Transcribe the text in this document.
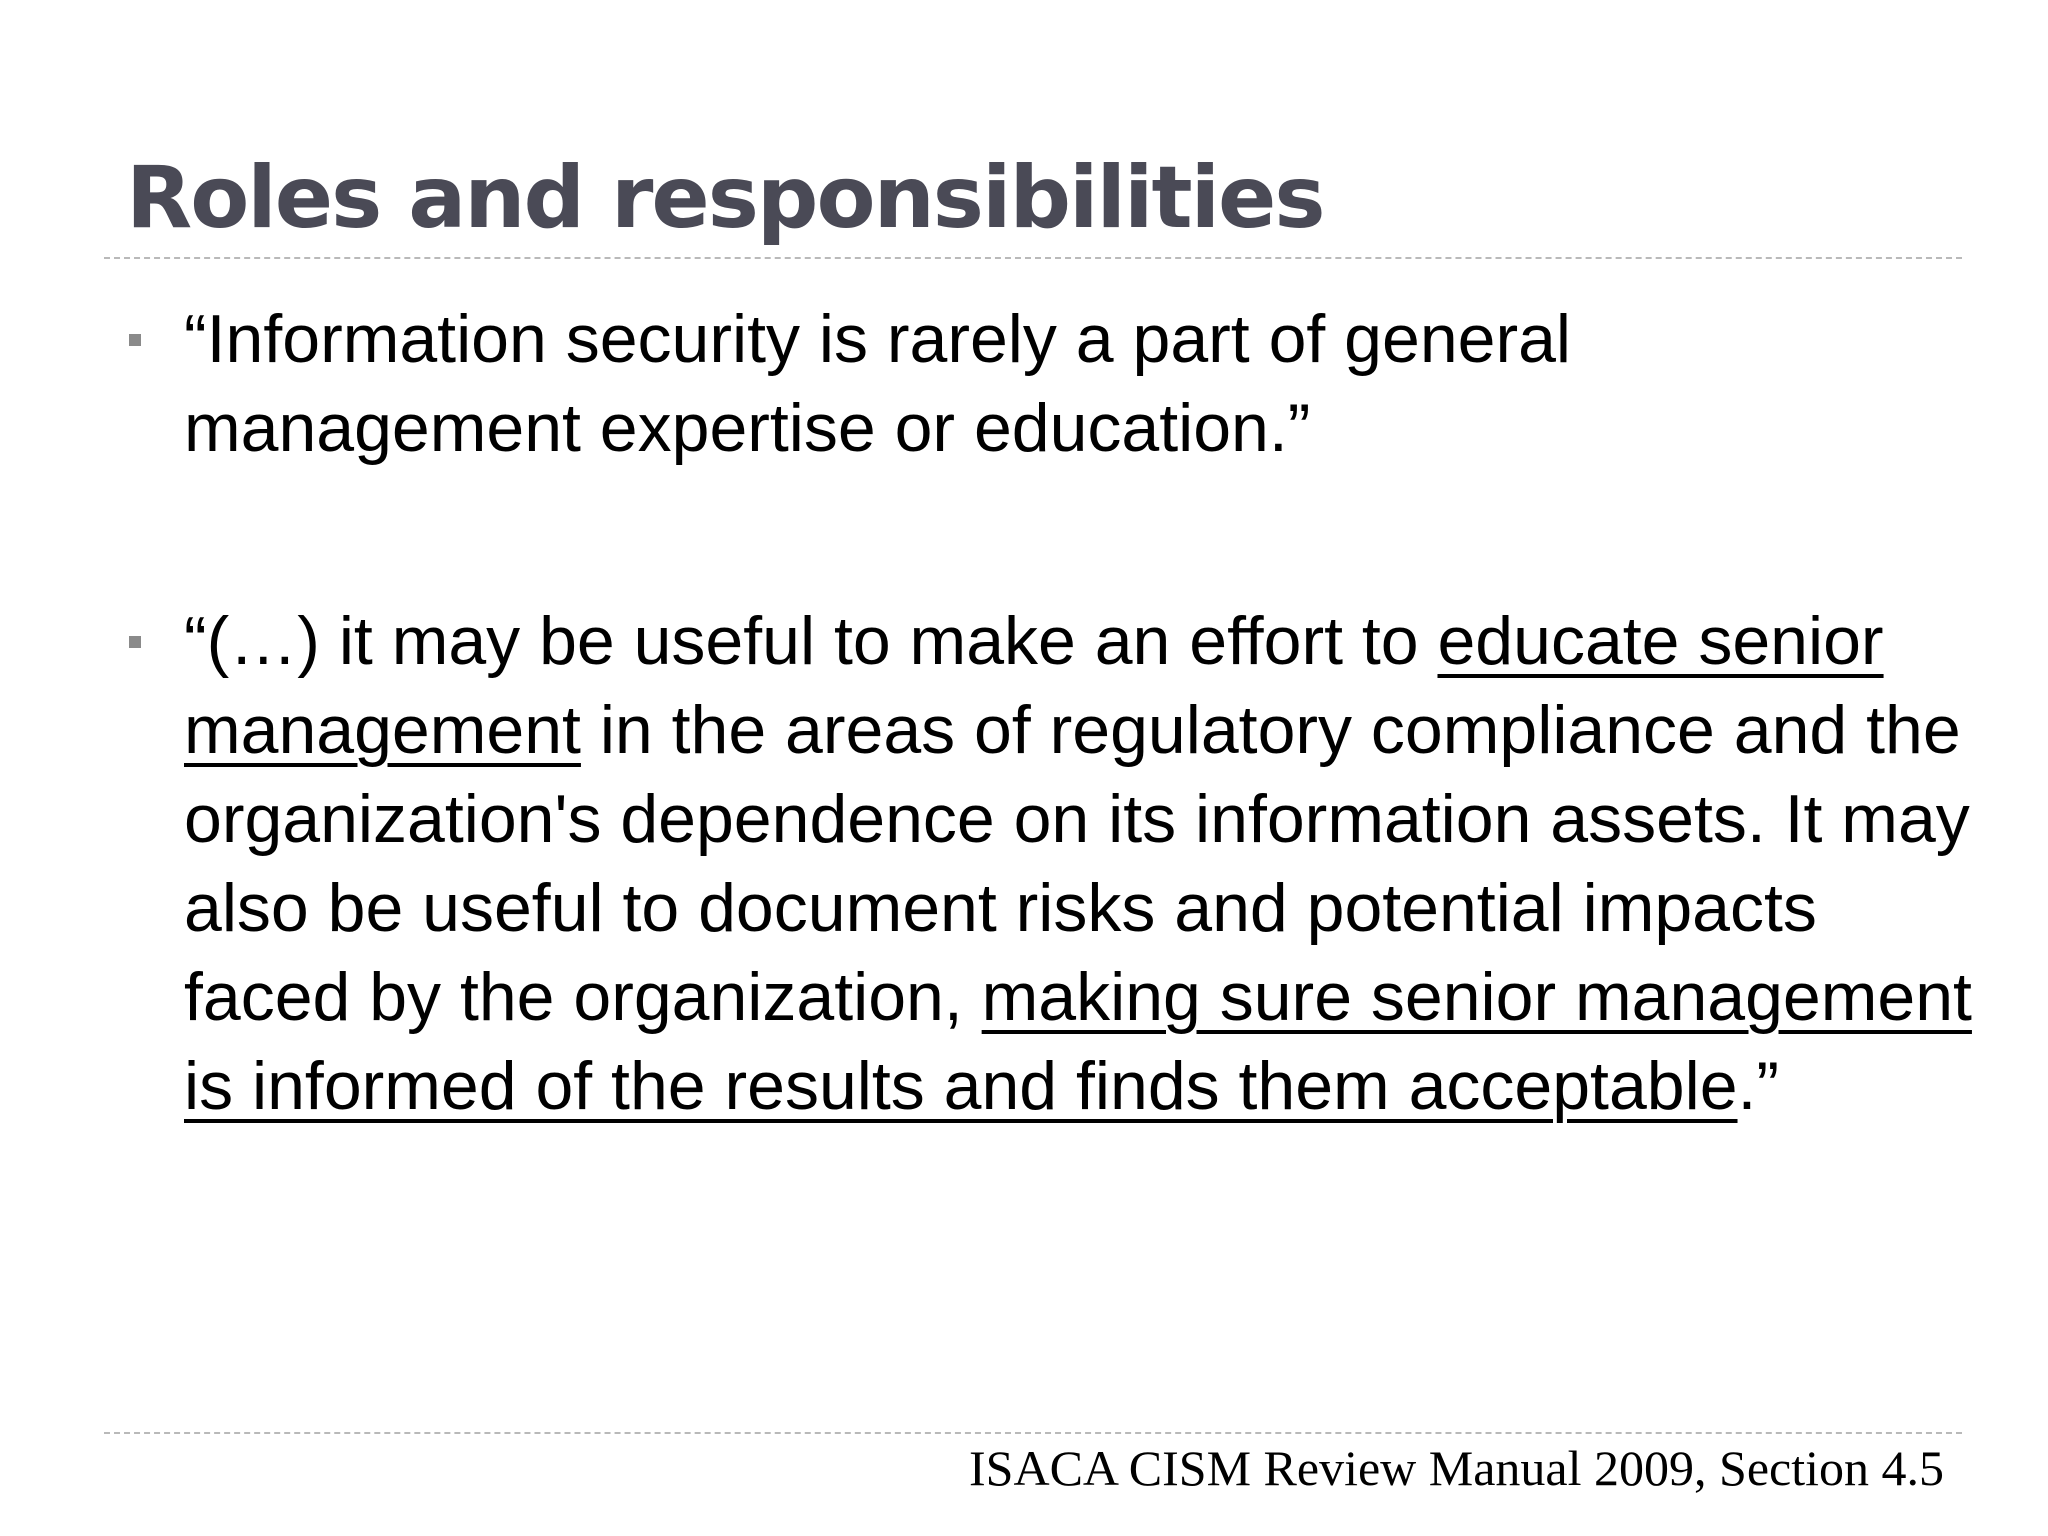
Roles and responsibilities

“Information security is rarely a part of general management expertise or education.”

“(…) it may be useful to make an effort to educate senior management in the areas of regulatory compliance and the organization's dependence on its information assets. It may also be useful to document risks and potential impacts faced by the organization, making sure senior management is informed of the results and finds them acceptable.”

ISACA CISM Review Manual 2009, Section 4.5
